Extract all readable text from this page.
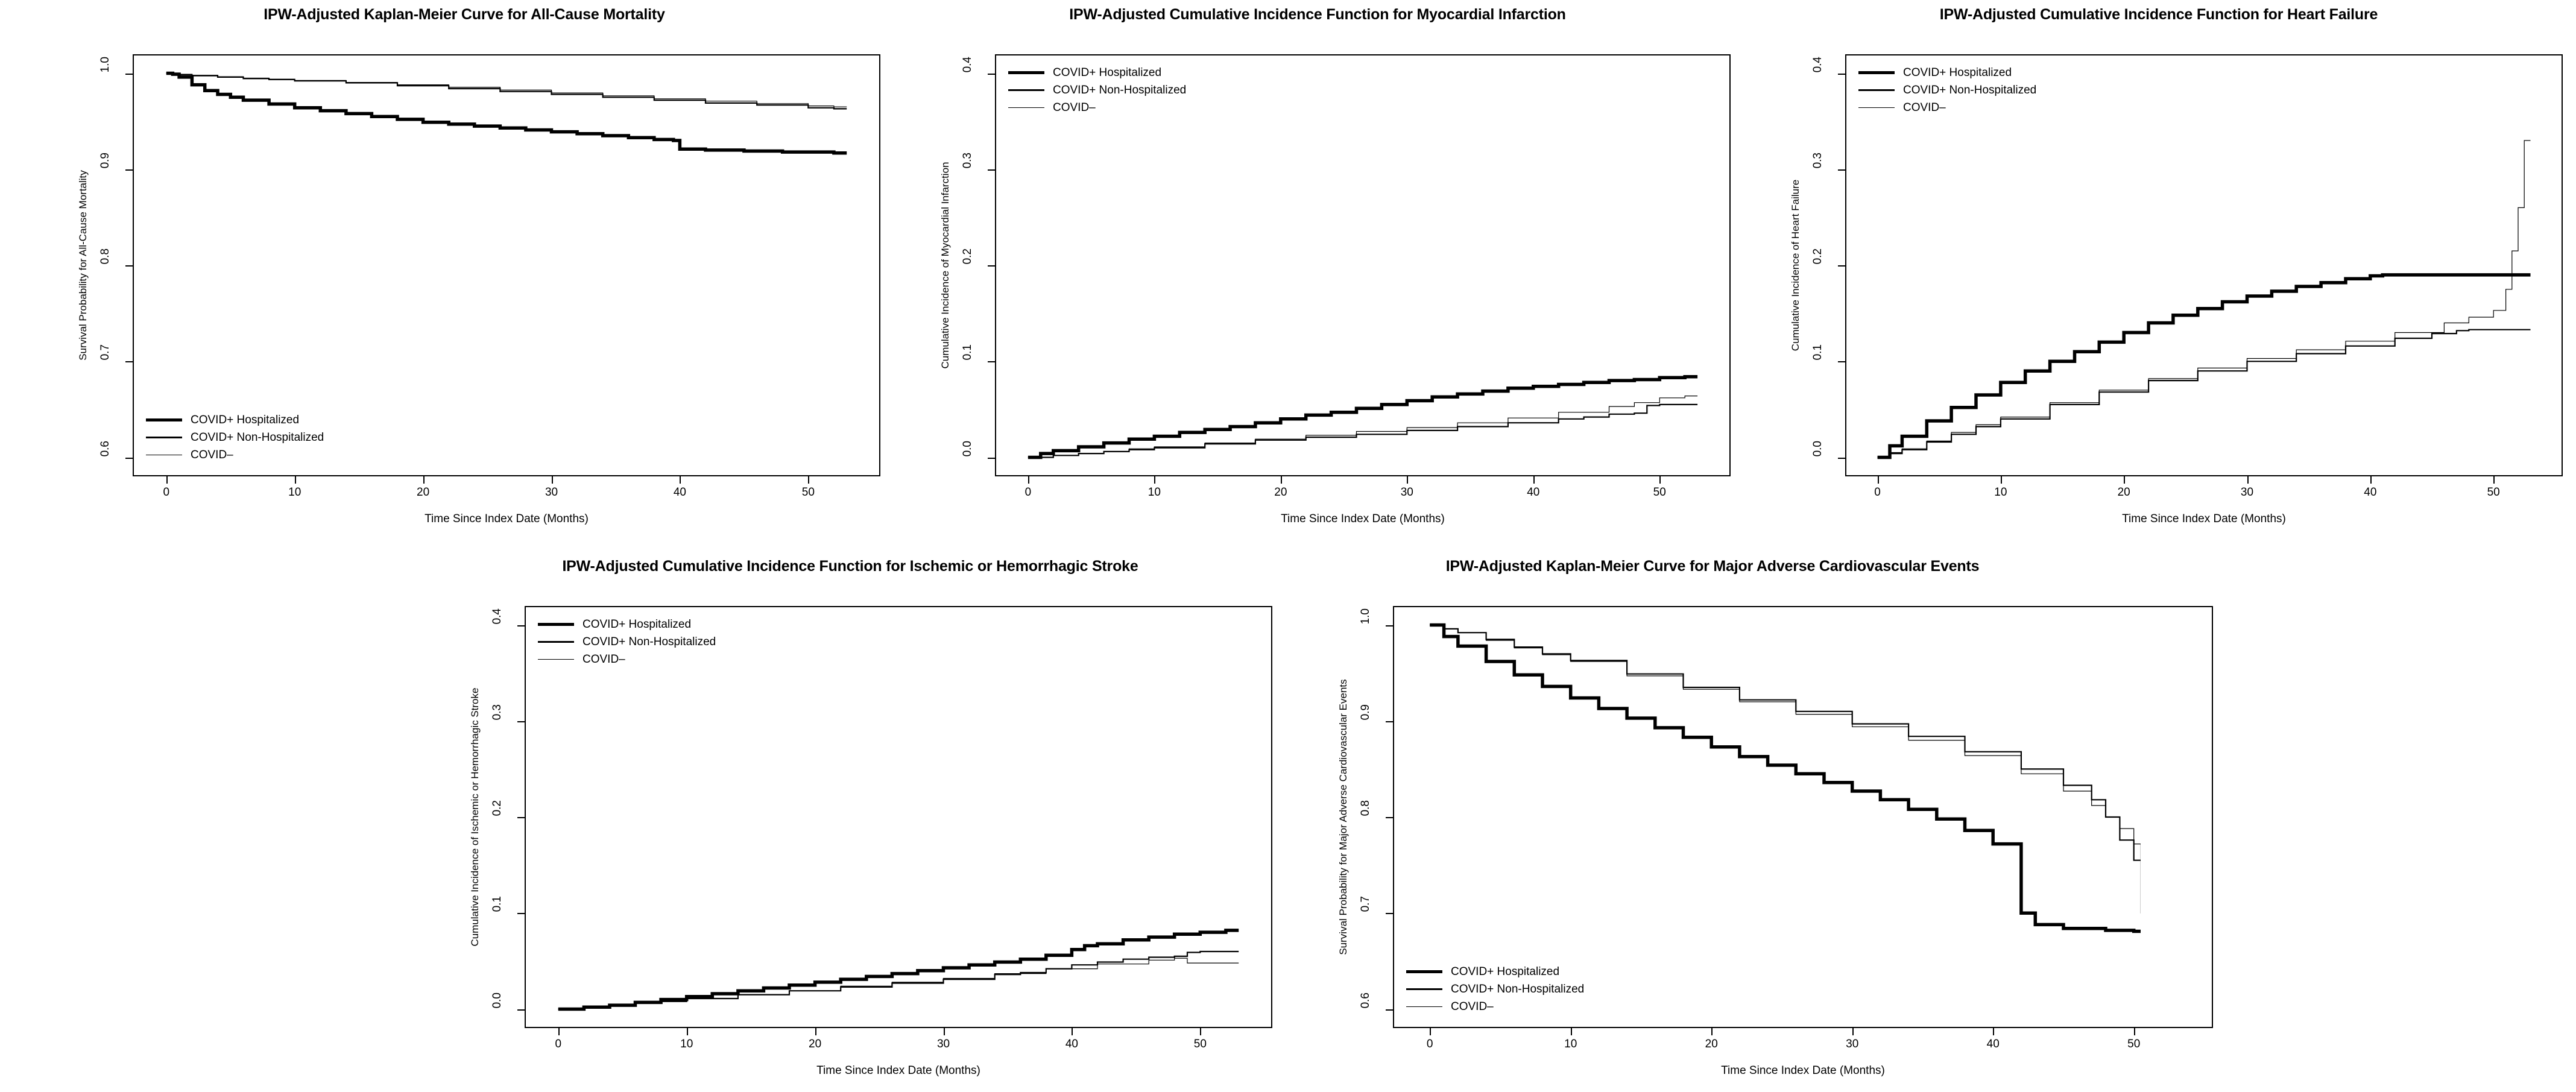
IPW-Adjusted Kaplan-Meier Curve for All-Cause Mortality
0	10	20	30	40	50
0.6
0.7
0.8
0.9
1.0
Time Since Index Date (Months)
Survival Probability for All-Cause Mortality
COVID+ Hospitalized
COVID+ Non-Hospitalized
COVID–
IPW-Adjusted Cumulative Incidence Function for Myocardial Infarction
0	10	20	30	40	50
0.0
0.1
0.2
0.3
0.4
Time Since Index Date (Months)
Cumulative Incidence of Myocardial Infarction
COVID+ Hospitalized
COVID+ Non-Hospitalized
COVID–
IPW-Adjusted Cumulative Incidence Function for Heart Failure
0	10	20	30	40	50
0.0
0.1
0.2
0.3
0.4
Time Since Index Date (Months)
Cumulative Incidence of Heart Failure
COVID+ Hospitalized
COVID+ Non-Hospitalized
COVID–
IPW-Adjusted Cumulative Incidence Function for Ischemic or Hemorrhagic Stroke
0	10	20	30	40	50
0.0
0.1
0.2
0.3
0.4
Time Since Index Date (Months)
Cumulative Incidence of Ischemic or Hemorrhagic Stroke
COVID+ Hospitalized
COVID+ Non-Hospitalized
COVID–
IPW-Adjusted Kaplan-Meier Curve for Major Adverse Cardiovascular Events
0	10	20	30	40	50
0.6
0.7
0.8
0.9
1.0
Time Since Index Date (Months)
Survival Probability for Major Adverse Cardiovascular Events
COVID+ Hospitalized
COVID+ Non-Hospitalized
COVID–
